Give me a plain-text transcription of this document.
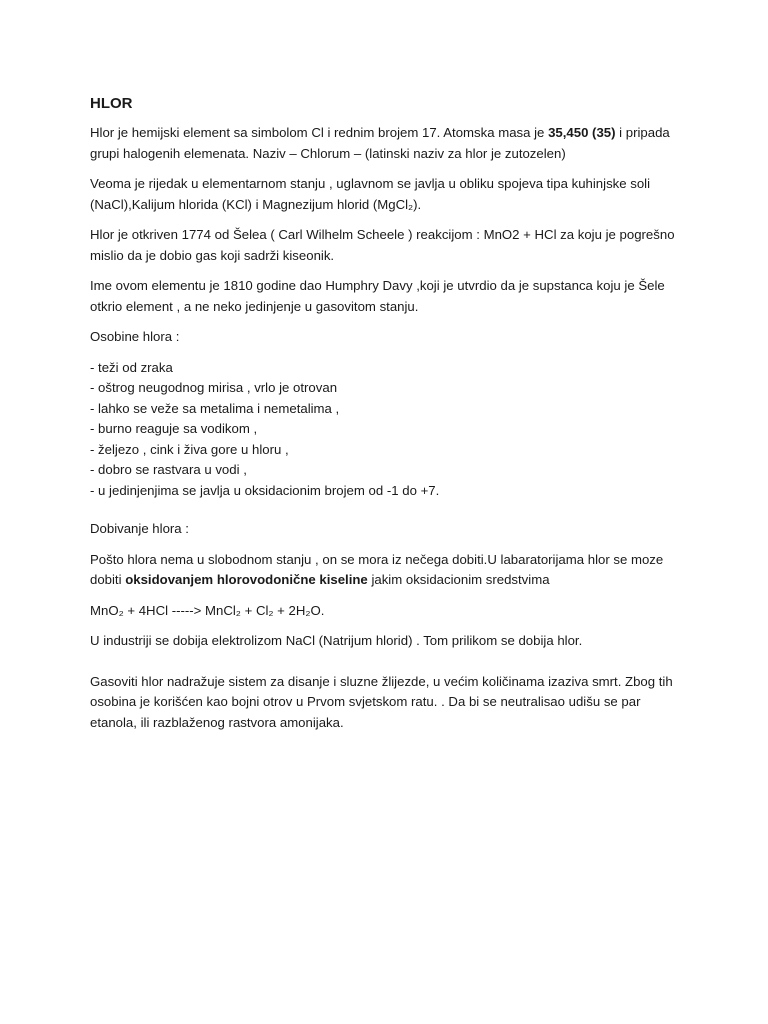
HLOR

Hlor je hemijski element sa simbolom Cl i rednim brojem 17. Atomska masa je 35,450 (35) i pripada grupi halogenih elemenata. Naziv – Chlorum – (latinski naziv za hlor je zutozelen)

Veoma je rijedak u elementarnom stanju , uglavnom se javlja u obliku spojeva tipa kuhinjske soli (NaCl),Kalijum hlorida (KCl) i Magnezijum hlorid (MgCl₂).

Hlor je otkriven 1774 od Šelea ( Carl Wilhelm Scheele ) reakcijom : MnO2 + HCl za koju je pogrešno mislio da je dobio gas koji sadrži kiseonik.

Ime ovom elementu je 1810 godine dao Humphry Davy ,koji je utvrdio da je supstanca koju je Šele otkrio element , a ne neko jedinjenje u gasovitom stanju.

Osobine hlora :

- teži od zraka
- oštrog neugodnog mirisa , vrlo je otrovan
- lahko se veže sa metalima i nemetalima ,
- burno reaguje sa vodikom ,
- željezo , cink i živa gore u hloru ,
- dobro se rastvara u vodi ,
- u jedinjenjima se javlja u oksidacionim brojem od -1 do +7.

Dobivanje hlora :

Pošto hlora nema u slobodnom stanju , on se mora iz nečega dobiti.U labaratorijama hlor se moze dobiti oksidovanjem hlorovodonične kiseline jakim oksidacionim sredstvima

MnO₂ + 4HCl -----> MnCl₂ + Cl₂ + 2H₂O.

U industriji se dobija elektrolizom NaCl (Natrijum hlorid) . Tom prilikom se dobija hlor.

Gasoviti hlor nadražuje sistem za disanje i sluzne žlijezde, u većim količinama izaziva smrt. Zbog tih osobina je korišćen kao bojni otrov u Prvom svjetskom ratu. . Da bi se neutralisao udišu se par etanola, ili razblaženog rastvora amonijaka.
